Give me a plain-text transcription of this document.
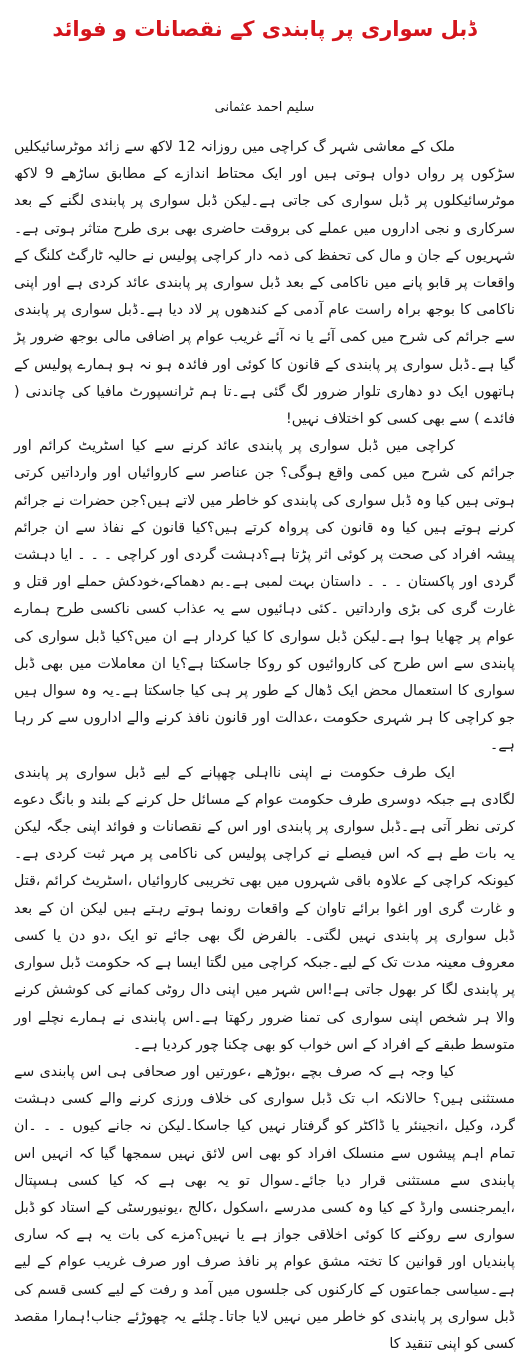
ڈبل سواری پر پابندی کے نقصانات و فوائد
سلیم احمد عثمانی

ملک کے معاشی شہر گ کراچی میں روزانہ 12 لاکھ سے زائد موٹرسائیکلیں سڑکوں پر رواں دواں ہوتی ہیں اور ایک محتاط اندازے کے مطابق ساڑھے 9 لاکھ موٹرسائیکلوں پر ڈبل سواری کی جاتی ہے۔لیکن ڈبل سواری پر پابندی لگنے کے بعد سرکاری و نجی اداروں میں عملے کی بروقت حاضری بھی بری طرح متاثر ہوتی ہے۔شہریوں کے جان و مال کی تحفظ کی ذمہ دار کراچی پولیس نے حالیہ ٹارگٹ کلنگ کے واقعات پر قابو پانے میں ناکامی کے بعد ڈبل سواری پر پابندی عائد کردی ہے اور اپنی ناکامی کا بوجھ براہ راست عام آدمی کے کندھوں پر لاد دیا ہے۔ڈبل سواری پر پابندی سے جرائم کی شرح میں کمی آئے یا نہ آئے غریب عوام پر اضافی مالی بوجھ ضرور پڑ گیا ہے۔ڈبل سواری پر پابندی کے قانون کا کوئی اور فائدہ ہو نہ ہو ہمارے پولیس کے ہاتھوں ایک دو دھاری تلوار ضرور لگ گئی ہے۔تا ہم ٹرانسپورٹ مافیا کی چاندنی ( فائدے ) سے بھی کسی کو اختلاف نہیں!

کراچی میں ڈبل سواری پر پابندی عائد کرنے سے کیا اسٹریٹ کرائم اور جرائم کی شرح میں کمی واقع ہوگی؟ جن عناصر سے کاروائیاں اور وارداتیں کرتی ہوتی ہیں کیا وہ ڈبل سواری کی پابندی کو خاطر میں لاتے ہیں؟جن حضرات نے جرائم کرنے ہوتے ہیں کیا وہ قانون کی پرواہ کرتے ہیں؟کیا قانون کے نفاذ سے ان جرائم پیشہ افراد کی صحت پر کوئی اثر پڑتا ہے؟دہشت گردی اور کراچی ۔ ۔ ۔ ایا دہشت گردی اور پاکستان ۔ ۔ ۔ داستان بہت لمبی ہے۔بم دھماکے،خودکش حملے اور قتل و غارت گری کی بڑی وارداتیں ۔کئی دہائیوں سے یہ عذاب کسی ناکسی طرح ہمارے عوام پر چھایا ہوا ہے۔لیکن ڈبل سواری کا کیا کردار ہے ان میں؟کیا ڈبل سواری کی پابندی سے اس طرح کی کاروائیوں کو روکا جاسکتا ہے؟یا ان معاملات میں بھی ڈبل سواری کا استعمال محض ایک ڈھال کے طور پر ہی کیا جاسکتا ہے۔یہ وہ سوال ہیں جو کراچی کا ہر شہری حکومت ،عدالت اور قانون نافذ کرنے والے اداروں سے کر رہا ہے۔

ایک طرف حکومت نے اپنی نااہلی چھپانے کے لیے ڈبل سواری پر پابندی لگادی ہے جبکہ دوسری طرف حکومت عوام کے مسائل حل کرنے کے بلند و بانگ دعوے کرتی نظر آتی ہے۔ڈبل سواری پر پابندی اور اس کے نقصانات و فوائد اپنی جگہ لیکن یہ بات طے ہے کہ اس فیصلے نے کراچی پولیس کی ناکامی پر مہر ثبت کردی ہے۔کیونکہ کراچی کے علاوہ باقی شہروں میں بھی تخریبی کاروائیاں ،اسٹریٹ کرائم ،قتل و غارت گری اور اغوا برائے تاوان کے واقعات رونما ہوتے رہتے ہیں لیکن ان کے بعد ڈبل سواری پر پابندی نہیں لگتی۔ بالفرض لگ بھی جائے تو ایک ،دو دن یا کسی معروف معینہ مدت تک کے لیے۔جبکہ کراچی میں لگتا ایسا ہے کہ حکومت ڈبل سواری پر پابندی لگا کر بھول جاتی ہے!اس شہر میں اپنی دال روٹی کمانے کی کوشش کرنے والا ہر شخص اپنی سواری کی تمنا ضرور رکھتا ہے۔اس پابندی نے ہمارے نچلے اور متوسط طبقے کے افراد کے اس خواب کو بھی چکنا چور کردیا ہے۔

کیا وجہ ہے کہ صرف بچے ،بوڑھے ،عورتیں اور صحافی ہی اس پابندی سے مستثنی ہیں؟ حالانکہ اب تک ڈبل سواری کی خلاف ورزی کرنے والے کسی دہشت گرد، وکیل ،انجینئر یا ڈاکٹر کو گرفتار نہیں کیا جاسکا۔لیکن نہ جانے کیوں ۔ ۔ ۔ان تمام اہم پیشوں سے منسلک افراد کو بھی اس لائق نہیں سمجھا گیا کہ انہیں اس پابندی سے مستثنی قرار دیا جائے۔سوال تو یہ بھی ہے کہ کیا کسی ہسپتال ،ایمرجنسی وارڈ کے کیا وہ کسی مدرسے ،اسکول ،کالج ،یونیورسٹی کے استاد کو ڈبل سواری سے روکنے کا کوئی اخلاقی جواز ہے یا نہیں؟مزے کی بات یہ ہے کہ ساری پابندیاں اور قوانین کا تختہ مشق عوام پر نافذ صرف اور صرف غریب عوام کے لیے ہے۔سیاسی جماعتوں کے کارکنوں کی جلسوں میں آمد و رفت کے لیے کسی قسم کی ڈبل سواری پر پابندی کو خاطر میں نہیں لایا جاتا۔چلئے یہ چھوڑئے جناب!ہمارا مقصد کسی کو اپنی تنقید کا
